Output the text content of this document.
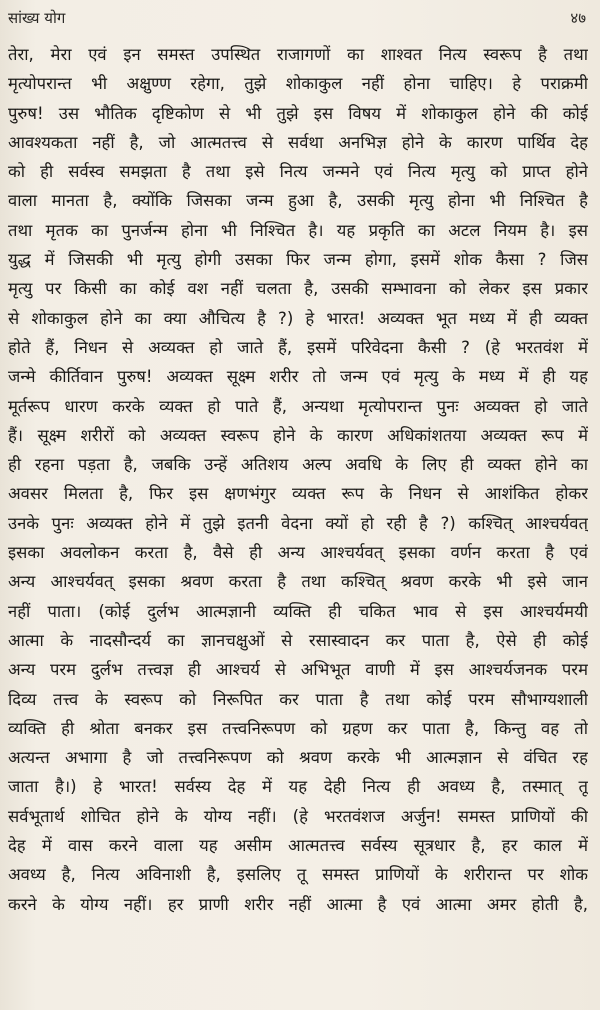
सांख्य योग	४७
तेरा, मेरा एवं इन समस्त उपस्थित राजागणों का शाश्वत नित्य स्वरूप है तथा
मृत्योपरान्त भी अक्षुण्ण रहेगा, तुझे शोकाकुल नहीं होना चाहिए। हे पराक्रमी
पुरुष! उस भौतिक दृष्टिकोण से भी तुझे इस विषय में शोकाकुल होने की कोई
आवश्यकता नहीं है, जो आत्मतत्त्व से सर्वथा अनभिज्ञ होने के कारण पार्थिव देह
को ही सर्वस्व समझता है तथा इसे नित्य जन्मने एवं नित्य मृत्यु को प्राप्त होने
वाला मानता है, क्योंकि जिसका जन्म हुआ है, उसकी मृत्यु होना भी निश्चित है
तथा मृतक का पुनर्जन्म होना भी निश्चित है। यह प्रकृति का अटल नियम है। इस
युद्ध में जिसकी भी मृत्यु होगी उसका फिर जन्म होगा, इसमें शोक कैसा ? जिस
मृत्यु पर किसी का कोई वश नहीं चलता है, उसकी सम्भावना को लेकर इस प्रकार
से शोकाकुल होने का क्या औचित्य है ?) हे भारत! अव्यक्त भूत मध्य में ही व्यक्त
होते हैं, निधन से अव्यक्त हो जाते हैं, इसमें परिवेदना कैसी ? (हे भरतवंश में
जन्मे कीर्तिवान पुरुष! अव्यक्त सूक्ष्म शरीर तो जन्म एवं मृत्यु के मध्य में ही यह
मूर्तरूप धारण करके व्यक्त हो पाते हैं, अन्यथा मृत्योपरान्त पुनः अव्यक्त हो जाते
हैं। सूक्ष्म शरीरों को अव्यक्त स्वरूप होने के कारण अधिकांशतया अव्यक्त रूप में
ही रहना पड़ता है, जबकि उन्हें अतिशय अल्प अवधि के लिए ही व्यक्त होने का
अवसर मिलता है, फिर इस क्षणभंगुर व्यक्त रूप के निधन से आशंकित होकर
उनके पुनः अव्यक्त होने में तुझे इतनी वेदना क्यों हो रही है ?) कश्चित् आश्चर्यवत्
इसका अवलोकन करता है, वैसे ही अन्य आश्चर्यवत् इसका वर्णन करता है एवं
अन्य आश्चर्यवत् इसका श्रवण करता है तथा कश्चित् श्रवण करके भी इसे जान
नहीं पाता। (कोई दुर्लभ आत्मज्ञानी व्यक्ति ही चकित भाव से इस आश्चर्यमयी
आत्मा के नादसौन्दर्य का ज्ञानचक्षुओं से रसास्वादन कर पाता है, ऐसे ही कोई
अन्य परम दुर्लभ तत्त्वज्ञ ही आश्चर्य से अभिभूत वाणी में इस आश्चर्यजनक परम
दिव्य तत्त्व के स्वरूप को निरूपित कर पाता है तथा कोई परम सौभाग्यशाली
व्यक्ति ही श्रोता बनकर इस तत्त्वनिरूपण को ग्रहण कर पाता है, किन्तु वह तो
अत्यन्त अभागा है जो तत्त्वनिरूपण को श्रवण करके भी आत्मज्ञान से वंचित रह
जाता है।) हे भारत! सर्वस्य देह में यह देही नित्य ही अवध्य है, तस्मात् तू
सर्वभूतार्थ शोचित होने के योग्य नहीं। (हे भरतवंशज अर्जुन! समस्त प्राणियों की
देह में वास करने वाला यह असीम आत्मतत्त्व सर्वस्य सूत्रधार है, हर काल में
अवध्य है, नित्य अविनाशी है, इसलिए तू समस्त प्राणियों के शरीरान्त पर शोक
करने के योग्य नहीं। हर प्राणी शरीर नहीं आत्मा है एवं आत्मा अमर होती है,
